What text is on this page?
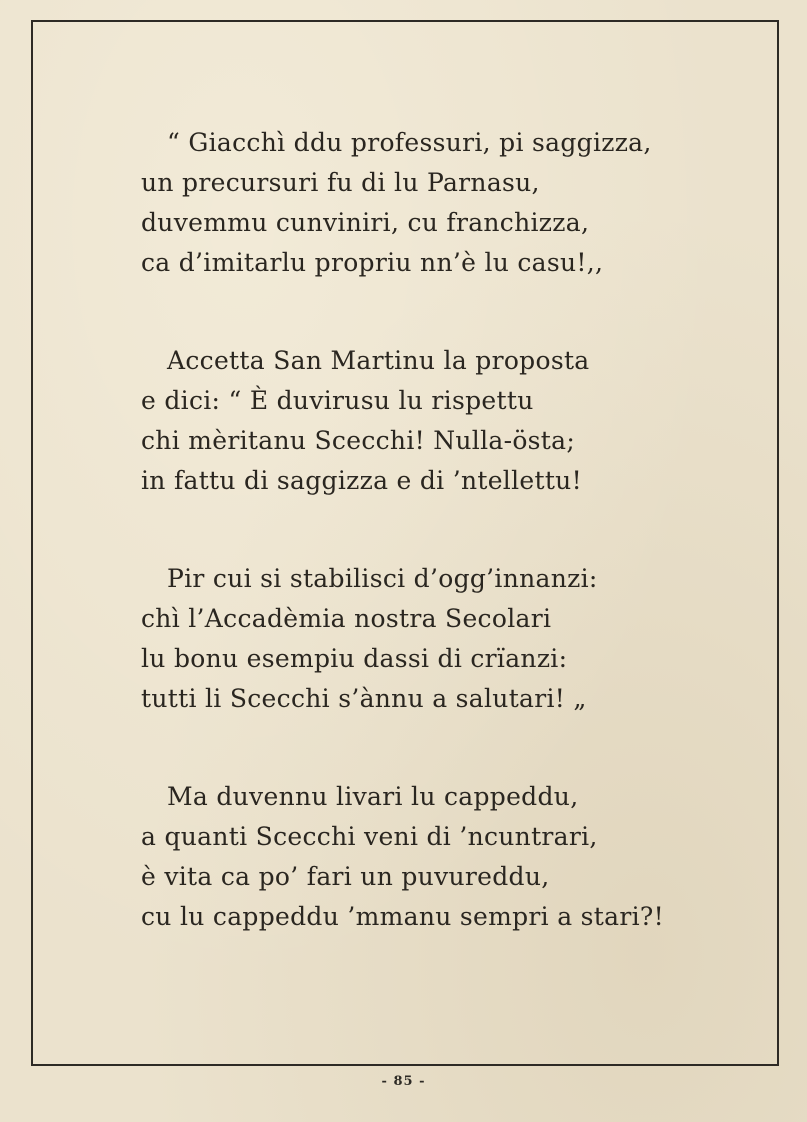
“ Giacchì ddu professuri, pi saggizza,
un precursuri fu di lu Parnasu,
duvemmu cunviniri, cu franchizza,
ca d’imitarlu propriu nn’è lu casu!,,

Accetta San Martinu la proposta
e dici: “ È duvirusu lu rispettu
chi mèritanu Scecchi! Nulla-östa;
in fattu di saggizza e di ’ntellettu!

Pir cui si stabilisci d’ogg’innanzi:
chì l’Accadèmia nostra Secolari
lu bonu esempiu dassi di crïanzi:
tutti li Scecchi s’ànnu a salutari! „

Ma duvennu livari lu cappeddu,
a quanti Scecchi veni di ’ncuntrari,
è vita ca po’ fari un puvureddu,
cu lu cappeddu ’mmanu sempri a stari?!

- 85 -
